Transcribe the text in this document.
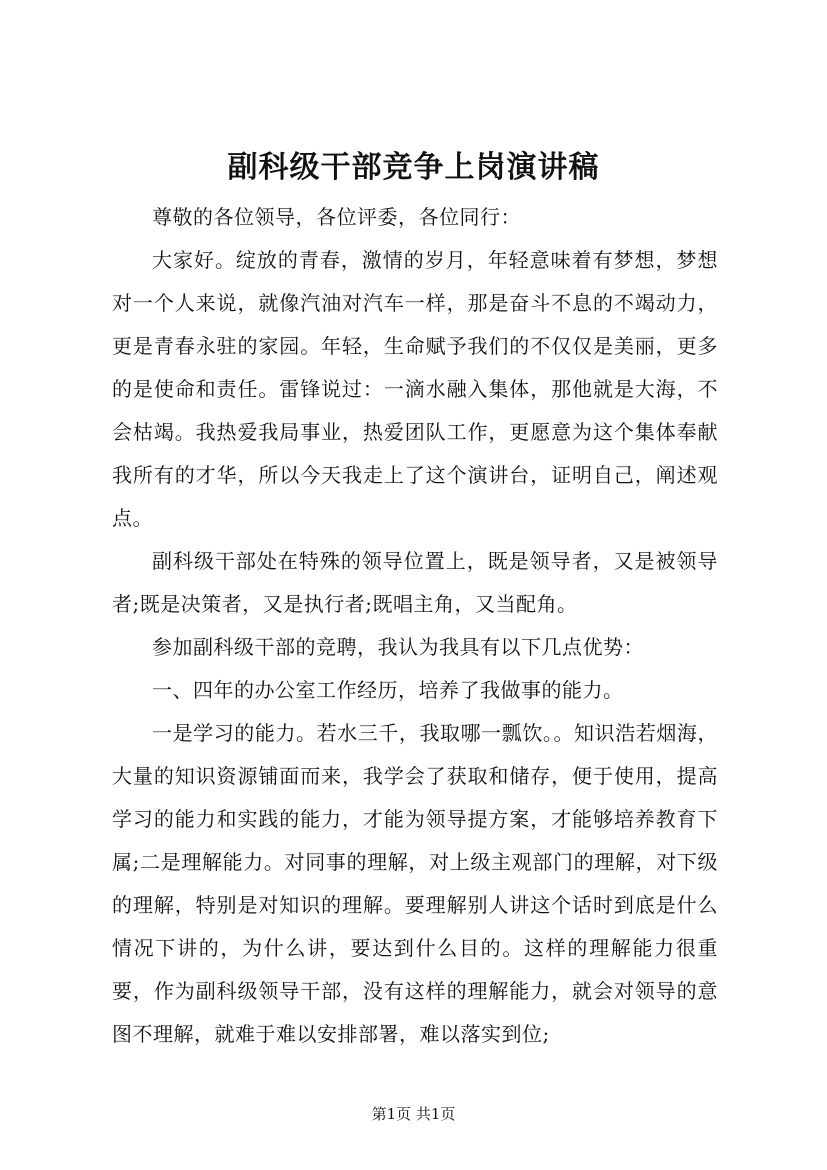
副科级干部竞争上岗演讲稿

尊敬的各位领导，各位评委，各位同行：

大家好。绽放的青春，激情的岁月，年轻意味着有梦想，梦想对一个人来说，就像汽油对汽车一样，那是奋斗不息的不竭动力，更是青春永驻的家园。年轻，生命赋予我们的不仅仅是美丽，更多的是使命和责任。雷锋说过：一滴水融入集体，那他就是大海，不会枯竭。我热爱我局事业，热爱团队工作，更愿意为这个集体奉献我所有的才华，所以今天我走上了这个演讲台，证明自己，阐述观点。

副科级干部处在特殊的领导位置上，既是领导者，又是被领导者;既是决策者，又是执行者;既唱主角，又当配角。

参加副科级干部的竞聘，我认为我具有以下几点优势：

一、四年的办公室工作经历，培养了我做事的能力。

一是学习的能力。若水三千，我取哪一瓢饮。。知识浩若烟海，大量的知识资源铺面而来，我学会了获取和储存，便于使用，提高学习的能力和实践的能力，才能为领导提方案，才能够培养教育下属;二是理解能力。对同事的理解，对上级主观部门的理解，对下级的理解，特别是对知识的理解。要理解别人讲这个话时到底是什么情况下讲的，为什么讲，要达到什么目的。这样的理解能力很重要，作为副科级领导干部，没有这样的理解能力，就会对领导的意图不理解，就难于难以安排部署，难以落实到位;

第1页 共1页
